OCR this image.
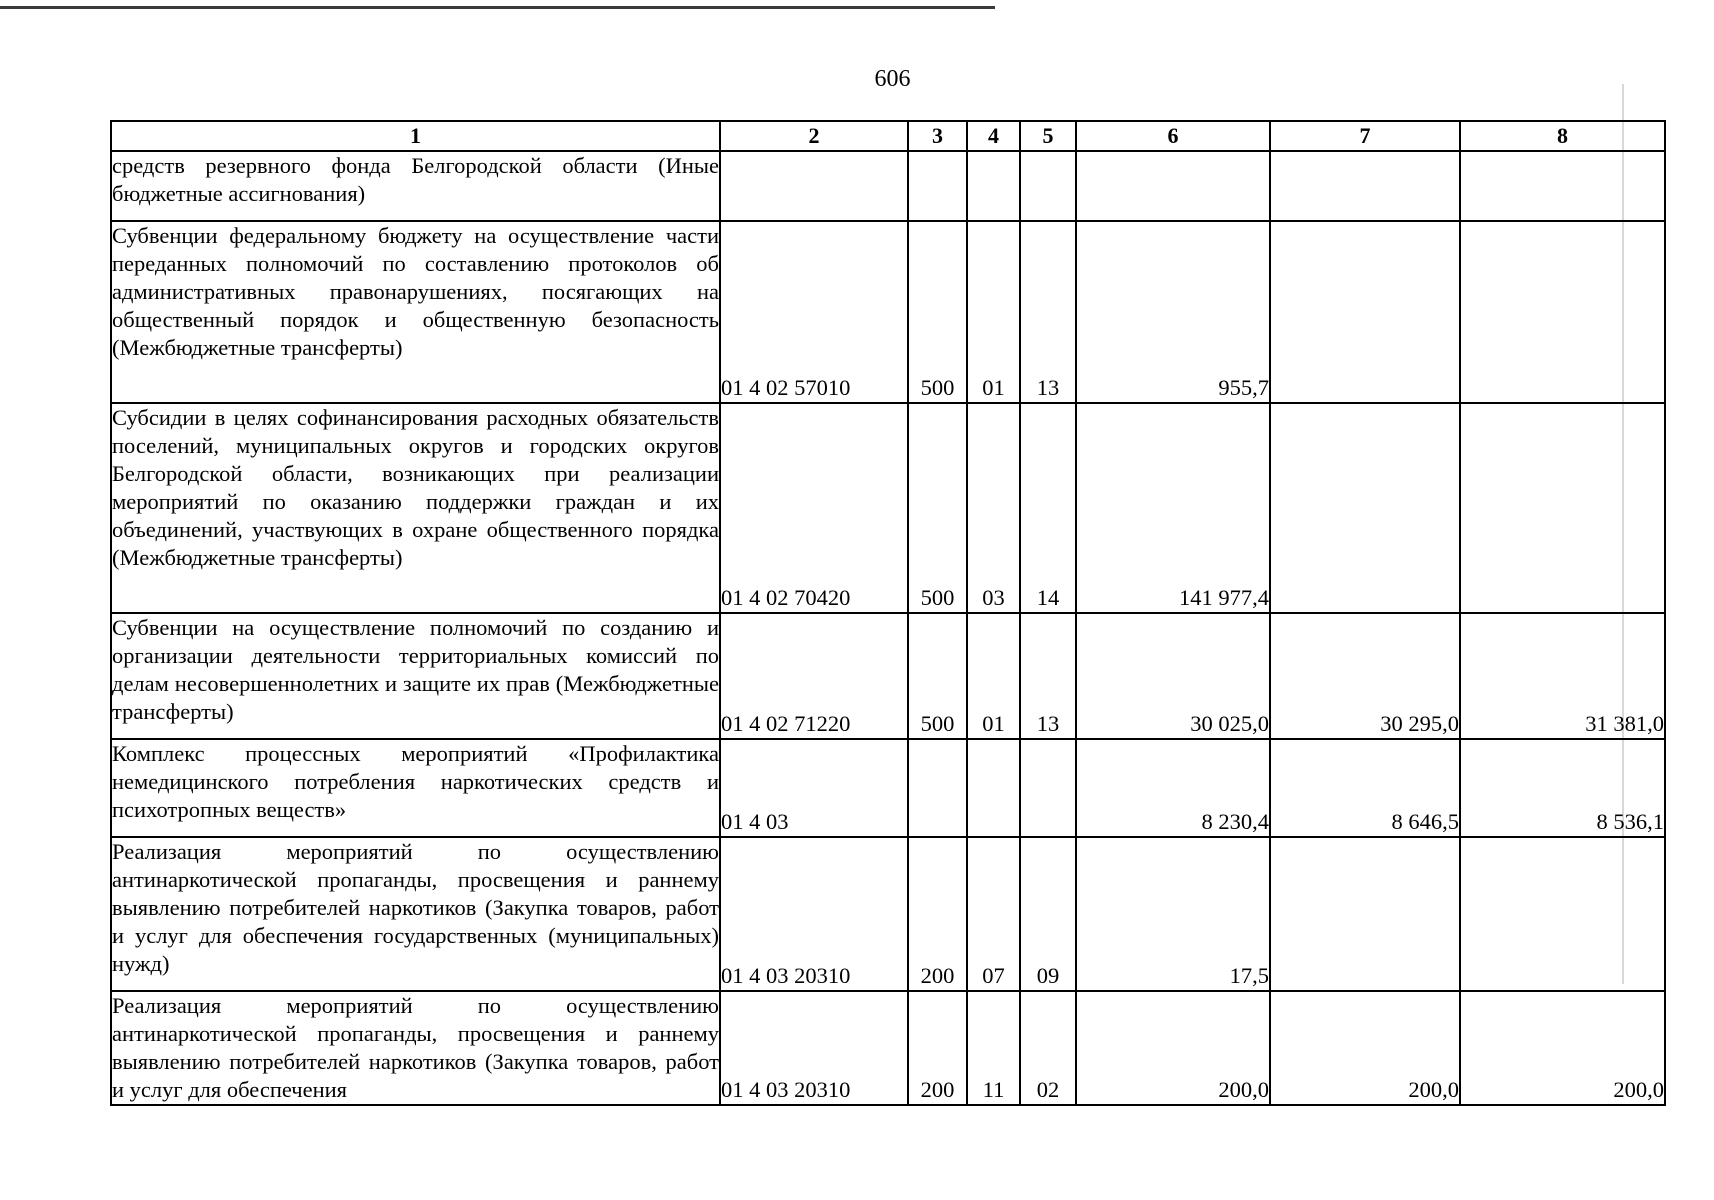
606
1	2	3	4	5	6	7	8
средств резервного фонда Белгородской области (Иные бюджетные ассигнования)							
Субвенции федеральному бюджету на осуществление части переданных полномочий по составлению протоколов об административных правонарушениях, посягающих на общественный порядок и общественную безопасность (Межбюджетные трансферты)	01 4 02 57010	500	01	13	955,7		
Субсидии в целях софинансирования расходных обязательств поселений, муниципальных округов и городских округов Белгородской области, возникающих при реализации мероприятий по оказанию поддержки граждан и их объединений, участвующих в охране общественного порядка (Межбюджетные трансферты)	01 4 02 70420	500	03	14	141 977,4		
Субвенции на осуществление полномочий по созданию и организации деятельности территориальных комиссий по делам несовершеннолетних и защите их прав (Межбюджетные трансферты)	01 4 02 71220	500	01	13	30 025,0	30 295,0	31 381,0
Комплекс процессных мероприятий «Профилактика немедицинского потребления наркотических средств и психотропных веществ»	01 4 03				8 230,4	8 646,5	8 536,1
Реализация мероприятий по осуществлению антинаркотической пропаганды, просвещения и раннему выявлению потребителей наркотиков (Закупка товаров, работ и услуг для обеспечения государственных (муниципальных) нужд)	01 4 03 20310	200	07	09	17,5		
Реализация мероприятий по осуществлению антинаркотической пропаганды, просвещения и раннему выявлению потребителей наркотиков (Закупка товаров, работ и услуг для обеспечения	01 4 03 20310	200	11	02	200,0	200,0	200,0
